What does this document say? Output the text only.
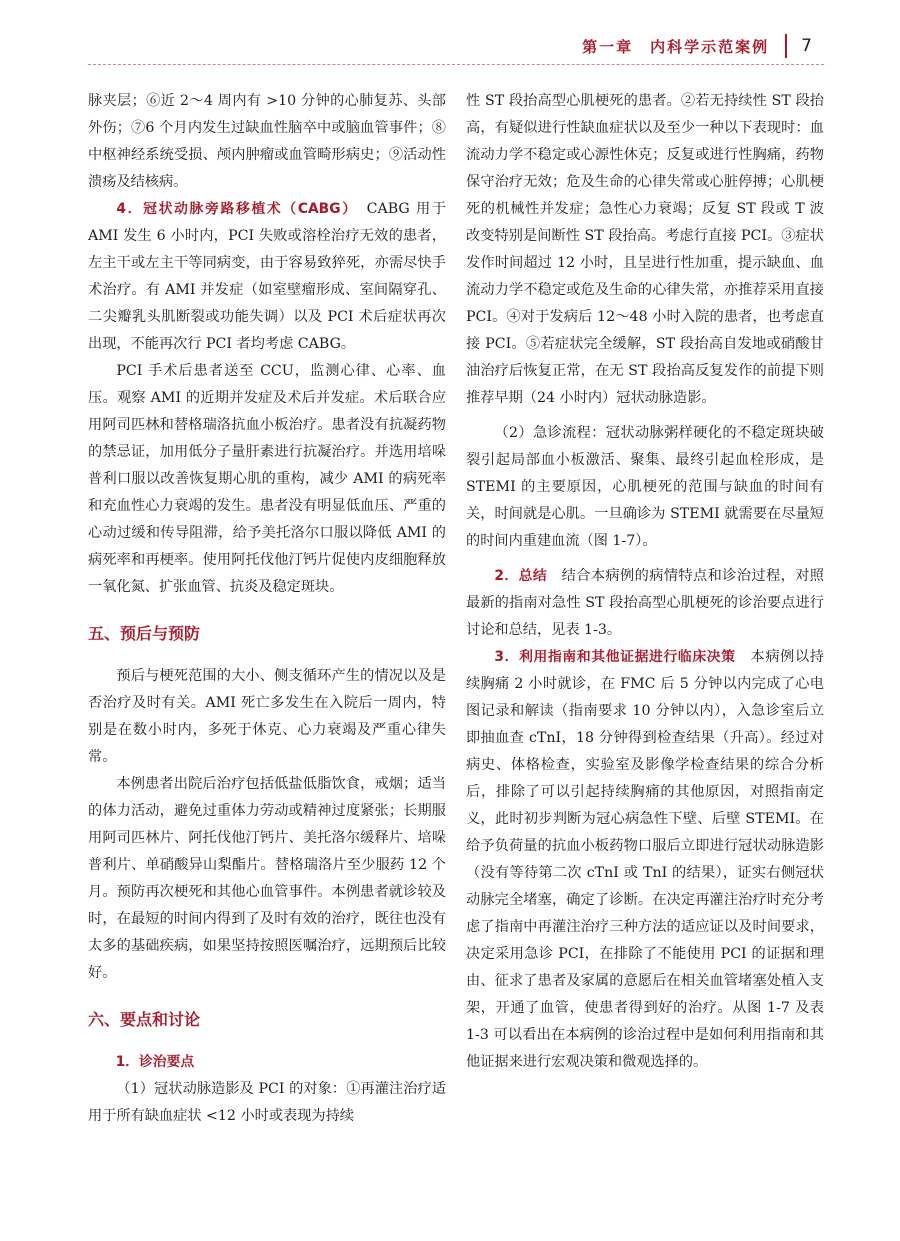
第一章　内科学示范案例 7

脉夹层；⑥近 2～4 周内有 >10 分钟的心肺复苏、头部外伤；⑦6 个月内发生过缺血性脑卒中或脑血管事件；⑧中枢神经系统受损、颅内肿瘤或血管畸形病史；⑨活动性溃疡及结核病。

4．冠状动脉旁路移植术（CABG）　CABG 用于 AMI 发生 6 小时内，PCI 失败或溶栓治疗无效的患者，左主干或左主干等同病变，由于容易致猝死，亦需尽快手术治疗。有 AMI 并发症（如室壁瘤形成、室间隔穿孔、二尖瓣乳头肌断裂或功能失调）以及 PCI 术后症状再次出现，不能再次行 PCI 者均考虑 CABG。

PCI 手术后患者送至 CCU，监测心律、心率、血压。观察 AMI 的近期并发症及术后并发症。术后联合应用阿司匹林和替格瑞洛抗血小板治疗。患者没有抗凝药物的禁忌证，加用低分子量肝素进行抗凝治疗。并选用培哚普利口服以改善恢复期心肌的重构，减少 AMI 的病死率和充血性心力衰竭的发生。患者没有明显低血压、严重的心动过缓和传导阻滞，给予美托洛尔口服以降低 AMI 的病死率和再梗率。使用阿托伐他汀钙片促使内皮细胞释放一氧化氮、扩张血管、抗炎及稳定斑块。

五、预后与预防

预后与梗死范围的大小、侧支循环产生的情况以及是否治疗及时有关。AMI 死亡多发生在入院后一周内，特别是在数小时内，多死于休克、心力衰竭及严重心律失常。

本例患者出院后治疗包括低盐低脂饮食，戒烟；适当的体力活动，避免过重体力劳动或精神过度紧张；长期服用阿司匹林片、阿托伐他汀钙片、美托洛尔缓释片、培哚普利片、单硝酸异山梨酯片。替格瑞洛片至少服药 12 个月。预防再次梗死和其他心血管事件。本例患者就诊较及时，在最短的时间内得到了及时有效的治疗，既往也没有太多的基础疾病，如果坚持按照医嘱治疗，远期预后比较好。

六、要点和讨论
1．诊治要点

（1）冠状动脉造影及 PCI 的对象：①再灌注治疗适用于所有缺血症状 <12 小时或表现为持续

性 ST 段抬高型心肌梗死的患者。②若无持续性 ST 段抬高，有疑似进行性缺血症状以及至少一种以下表现时：血流动力学不稳定或心源性休克；反复或进行性胸痛，药物保守治疗无效；危及生命的心律失常或心脏停搏；心肌梗死的机械性并发症；急性心力衰竭；反复 ST 段或 T 波改变特别是间断性 ST 段抬高。考虑行直接 PCI。③症状发作时间超过 12 小时，且呈进行性加重，提示缺血、血流动力学不稳定或危及生命的心律失常，亦推荐采用直接 PCI。④对于发病后 12～48 小时入院的患者，也考虑直接 PCI。⑤若症状完全缓解，ST 段抬高自发地或硝酸甘油治疗后恢复正常，在无 ST 段抬高反复发作的前提下则推荐早期（24 小时内）冠状动脉造影。

（2）急诊流程：冠状动脉粥样硬化的不稳定斑块破裂引起局部血小板激活、聚集、最终引起血栓形成，是 STEMI 的主要原因，心肌梗死的范围与缺血的时间有关，时间就是心肌。一旦确诊为 STEMI 就需要在尽量短的时间内重建血流（图 1-7）。

2．总结　结合本病例的病情特点和诊治过程，对照最新的指南对急性 ST 段抬高型心肌梗死的诊治要点进行讨论和总结，见表 1-3。

3．利用指南和其他证据进行临床决策　本病例以持续胸痛 2 小时就诊，在 FMC 后 5 分钟以内完成了心电图记录和解读（指南要求 10 分钟以内），入急诊室后立即抽血查 cTnI，18 分钟得到检查结果（升高）。经过对病史、体格检查，实验室及影像学检查结果的综合分析后，排除了可以引起持续胸痛的其他原因，对照指南定义，此时初步判断为冠心病急性下壁、后壁 STEMI。在给予负荷量的抗血小板药物口服后立即进行冠状动脉造影（没有等待第二次 cTnI 或 TnI 的结果），证实右侧冠状动脉完全堵塞，确定了诊断。在决定再灌注治疗时充分考虑了指南中再灌注治疗三种方法的适应证以及时间要求，决定采用急诊 PCI，在排除了不能使用 PCI 的证据和理由、征求了患者及家属的意愿后在相关血管堵塞处植入支架，开通了血管，使患者得到好的治疗。从图 1-7 及表 1-3 可以看出在本病例的诊治过程中是如何利用指南和其他证据来进行宏观决策和微观选择的。
